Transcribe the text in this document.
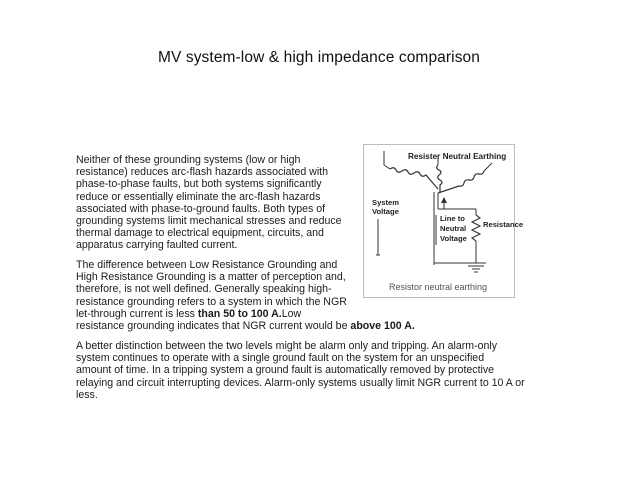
MV system-low & high impedance comparison

Neither of these grounding systems (low or high
resistance) reduces arc-flash hazards associated with
phase-to-phase faults, but both systems significantly
reduce or essentially eliminate the arc-flash hazards
associated with phase-to-ground faults. Both types of
grounding systems limit mechanical stresses and reduce
thermal damage to electrical equipment, circuits, and
apparatus carrying faulted current.

The difference between Low Resistance Grounding and
High Resistance Grounding is a matter of perception and,
therefore, is not well defined. Generally speaking high-
resistance grounding refers to a system in which the NGR
let-through current is less than 50 to 100 A.Low
resistance grounding indicates that NGR current would be above 100 A.

A better distinction between the two levels might be alarm only and tripping. An alarm-only
system continues to operate with a single ground fault on the system for an unspecified
amount of time. In a tripping system a ground fault is automatically removed by protective
relaying and circuit interrupting devices. Alarm-only systems usually limit NGR current to 10 A or
less.

Resister Neutral Earthing
System
Voltage
Line to
Neutral
Voltage
Resistance
Resistor neutral earthing
